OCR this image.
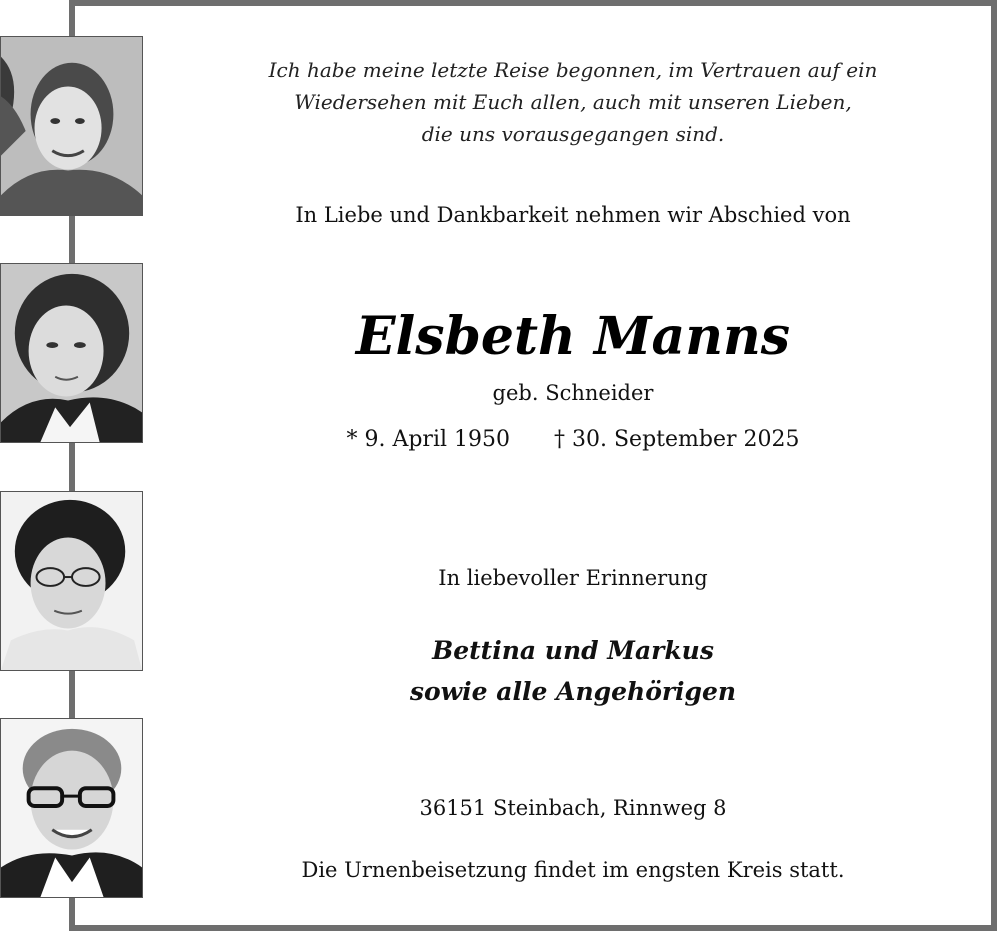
Ich habe meine letzte Reise begonnen, im Vertrauen auf ein
Wiedersehen mit Euch allen, auch mit unseren Lieben,
die uns vorausgegangen sind.
In Liebe und Dankbarkeit nehmen wir Abschied von
Elsbeth Manns
geb. Schneider
* 9. April 1950 † 30. September 2025
In liebevoller Erinnerung
Bettina und Markus
sowie alle Angehörigen
36151 Steinbach, Rinnweg 8
Die Urnenbeisetzung findet im engsten Kreis statt.
